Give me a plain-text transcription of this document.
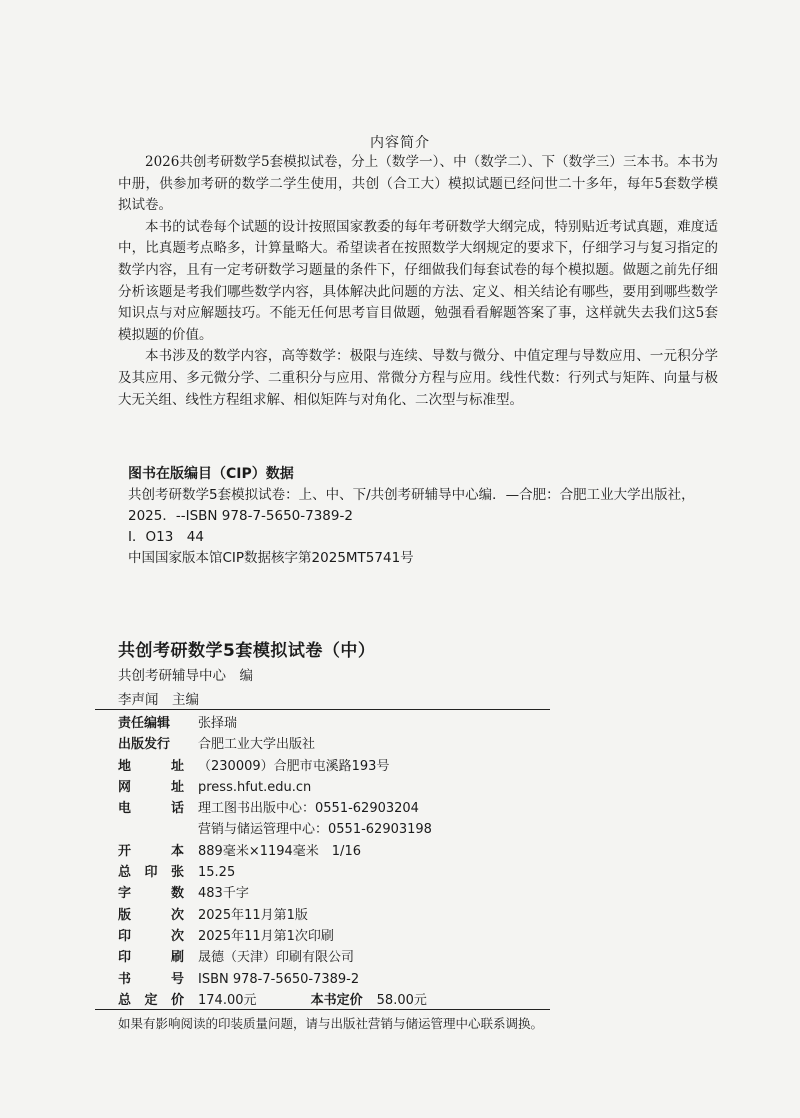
内容简介

2026共创考研数学5套模拟试卷，分上（数学一）、中（数学二）、下（数学三）三本书。本书为中册，供参加考研的数学二学生使用，共创（合工大）模拟试题已经问世二十多年，每年5套数学模拟试卷。

本书的试卷每个试题的设计按照国家教委的每年考研数学大纲完成，特别贴近考试真题，难度适中，比真题考点略多，计算量略大。希望读者在按照数学大纲规定的要求下，仔细学习与复习指定的数学内容，且有一定考研数学习题量的条件下，仔细做我们每套试卷的每个模拟题。做题之前先仔细分析该题是考我们哪些数学内容，具体解决此问题的方法、定义、相关结论有哪些，要用到哪些数学知识点与对应解题技巧。不能无任何思考盲目做题，勉强看看解题答案了事，这样就失去我们这5套模拟题的价值。

本书涉及的数学内容，高等数学：极限与连续、导数与微分、中值定理与导数应用、一元积分学及其应用、多元微分学、二重积分与应用、常微分方程与应用。线性代数：行列式与矩阵、向量与极大无关组、线性方程组求解、相似矩阵与对角化、二次型与标准型。

图书在版编目（CIP）数据
共创考研数学5套模拟试卷：上、中、下/共创考研辅导中心编．—合肥：合肥工业大学出版社，
2025．--ISBN 978-7-5650-7389-2
Ⅰ．O13　44
中国国家版本馆CIP数据核字第2025MT5741号
共创考研数学5套模拟试卷（中）
共创考研辅导中心　编
李声闻　主编
责任编辑	张择瑞
出版发行	合肥工业大学出版社
地	址 （230009）合肥市屯溪路193号
网	址 press.hfut.edu.cn
电	话 理工图书出版中心：0551-62903204
营销与储运管理中心：0551-62903198
开	本 889毫米×1194毫米　1/16
总 印 张 15.25
字	数 483千字
版	次 2025年11月第1版
印	次 2025年11月第1次印刷
印	刷 晟德（天津）印刷有限公司
书	号 ISBN 978-7-5650-7389-2
总 定 价 174.00元	本书定价 58.00元
如果有影响阅读的印装质量问题，请与出版社营销与储运管理中心联系调换。
